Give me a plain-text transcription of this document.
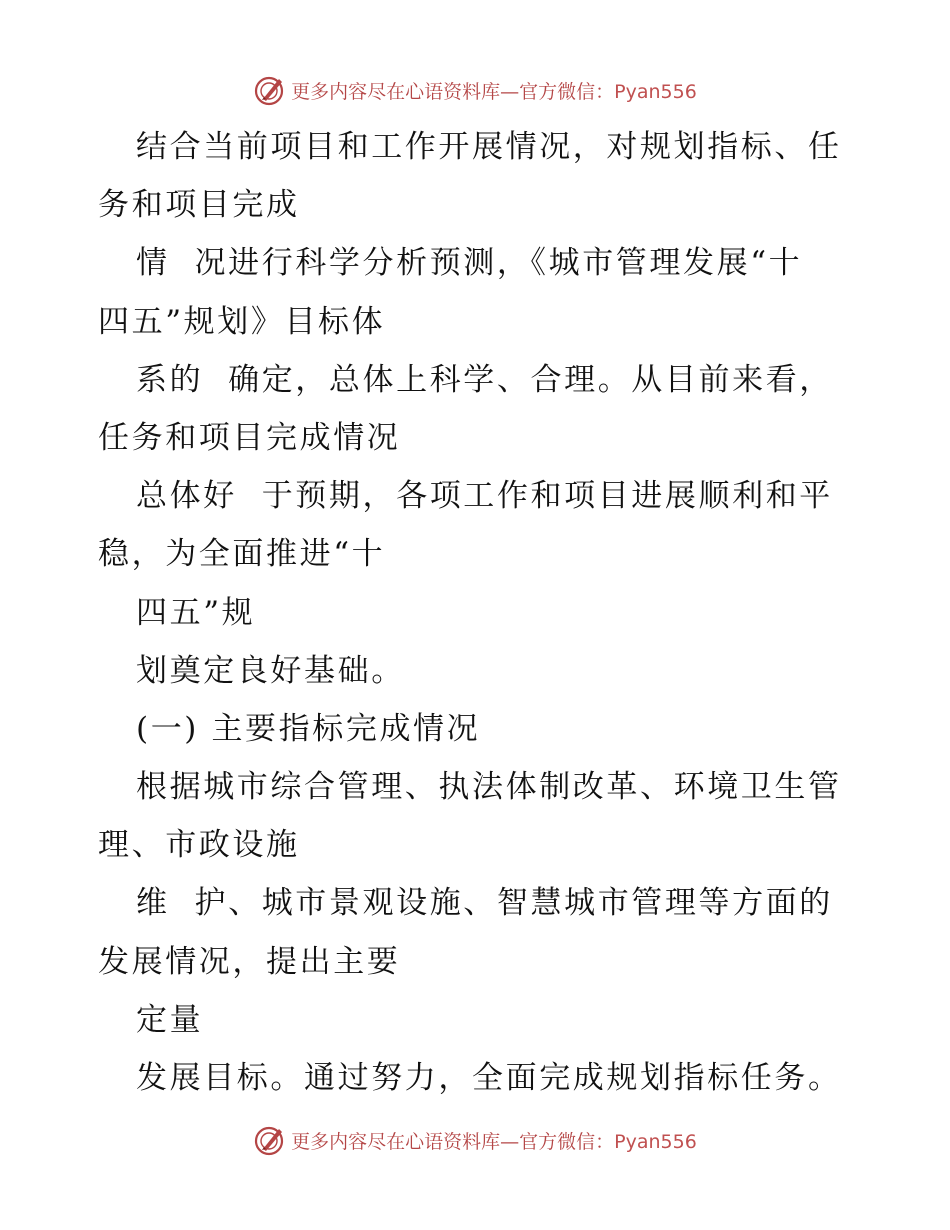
更多内容尽在心语资料库—官方微信：Pyan556
结合当前项目和工作开展情况，对规划指标、任
务和项目完成
情  况进行科学分析预测，《城市管理发展“十
四五”规划》目标体
系的  确定，总体上科学、合理。从目前来看，
任务和项目完成情况
总体好  于预期，各项工作和项目进展顺利和平
稳，为全面推进“十
四五”规
划奠定良好基础。
(一) 主要指标完成情况
根据城市综合管理、执法体制改革、环境卫生管
理、市政设施
维  护、城市景观设施、智慧城市管理等方面的
发展情况，提出主要
定量
发展目标。通过努力，全面完成规划指标任务。
更多内容尽在心语资料库—官方微信：Pyan556
